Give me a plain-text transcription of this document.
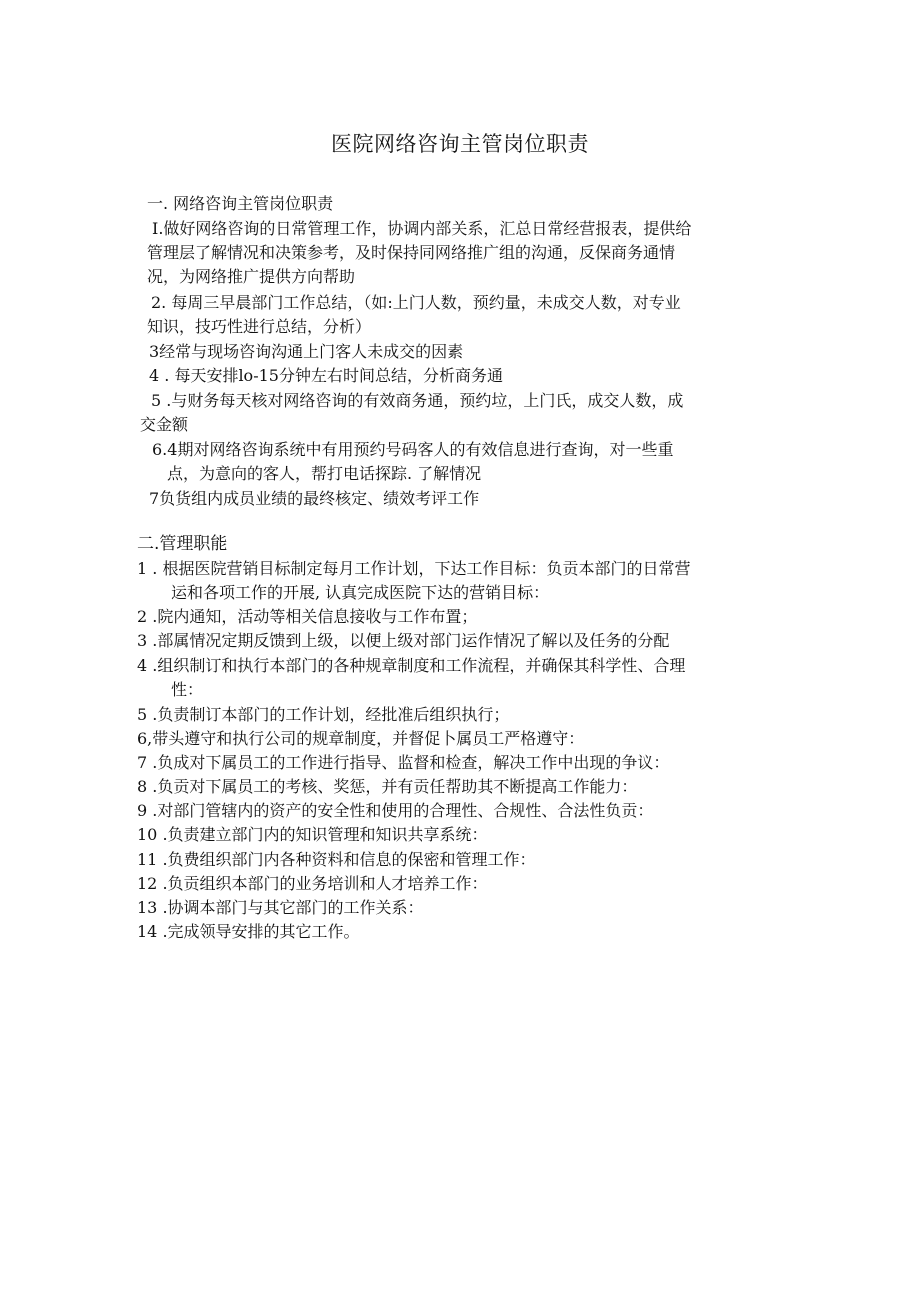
医院网络咨询主管岗位职责
一. 网络咨询主管岗位职责
I.做好网络咨询的日常管理工作，协调内部关系，汇总日常经营报表，提供给
管理层了解情况和决策参考，及时保持同网络推广组的沟通，反保商务通情
况，为网络推广提供方向帮助
2. 每周三早晨部门工作总结，（如:上门人数，预约量，未成交人数，对专业
知识，技巧性进行总结，分析）
3经常与现场咨询沟通上门客人未成交的因素
4 . 每天安排lo-15分钟左右时间总结，分析商务通
5 .与财务每天核对网络咨询的有效商务通，预约垃，上门氏，成交人数，成
交金额
6.4期对网络咨询系统中有用预约号码客人的有效信息进行查询，对一些重
点，为意向的客人，帮打电话探踪. 了解情况
7负货组内成员业绩的最终核定、绩效考评工作
二.管理职能
1 . 根据医院营销目标制定每月工作计划，下达工作目标：负贡本部门的日常营
运和各项工作的开展, 认真完成医院下达的营销目标：
2 .院内通知，活动等相关信息接收与工作布置；
3 .部属情况定期反馈到上级，以便上级对部门运作情况了解以及任务的分配
4 .组织制订和执行本部门的各种规章制度和工作流程，并确保其科学性、合理
性：
5 .负责制订本部门的工作计划，经批准后组织执行；
6,带头遵守和执行公司的规章制度，并督促卜属员工严格遵守：
7 .负成对下属员工的工作进行指导、监督和检查，解决工作中出现的争议：
8 .负贡对下属员工的考核、奖惩，并有贡任帮助其不断提高工作能力：
9 .对部门管辖内的资产的安全性和使用的合理性、合规性、合法性负贡：
10 .负责建立部门内的知识管理和知识共享系统：
11 .负费组织部门内各种资料和信息的保密和管理工作：
12 .负贡组织本部门的业务培训和人才培养工作：
13 .协调本部门与其它部门的工作关系：
14 .完成领导安排的其它工作。
